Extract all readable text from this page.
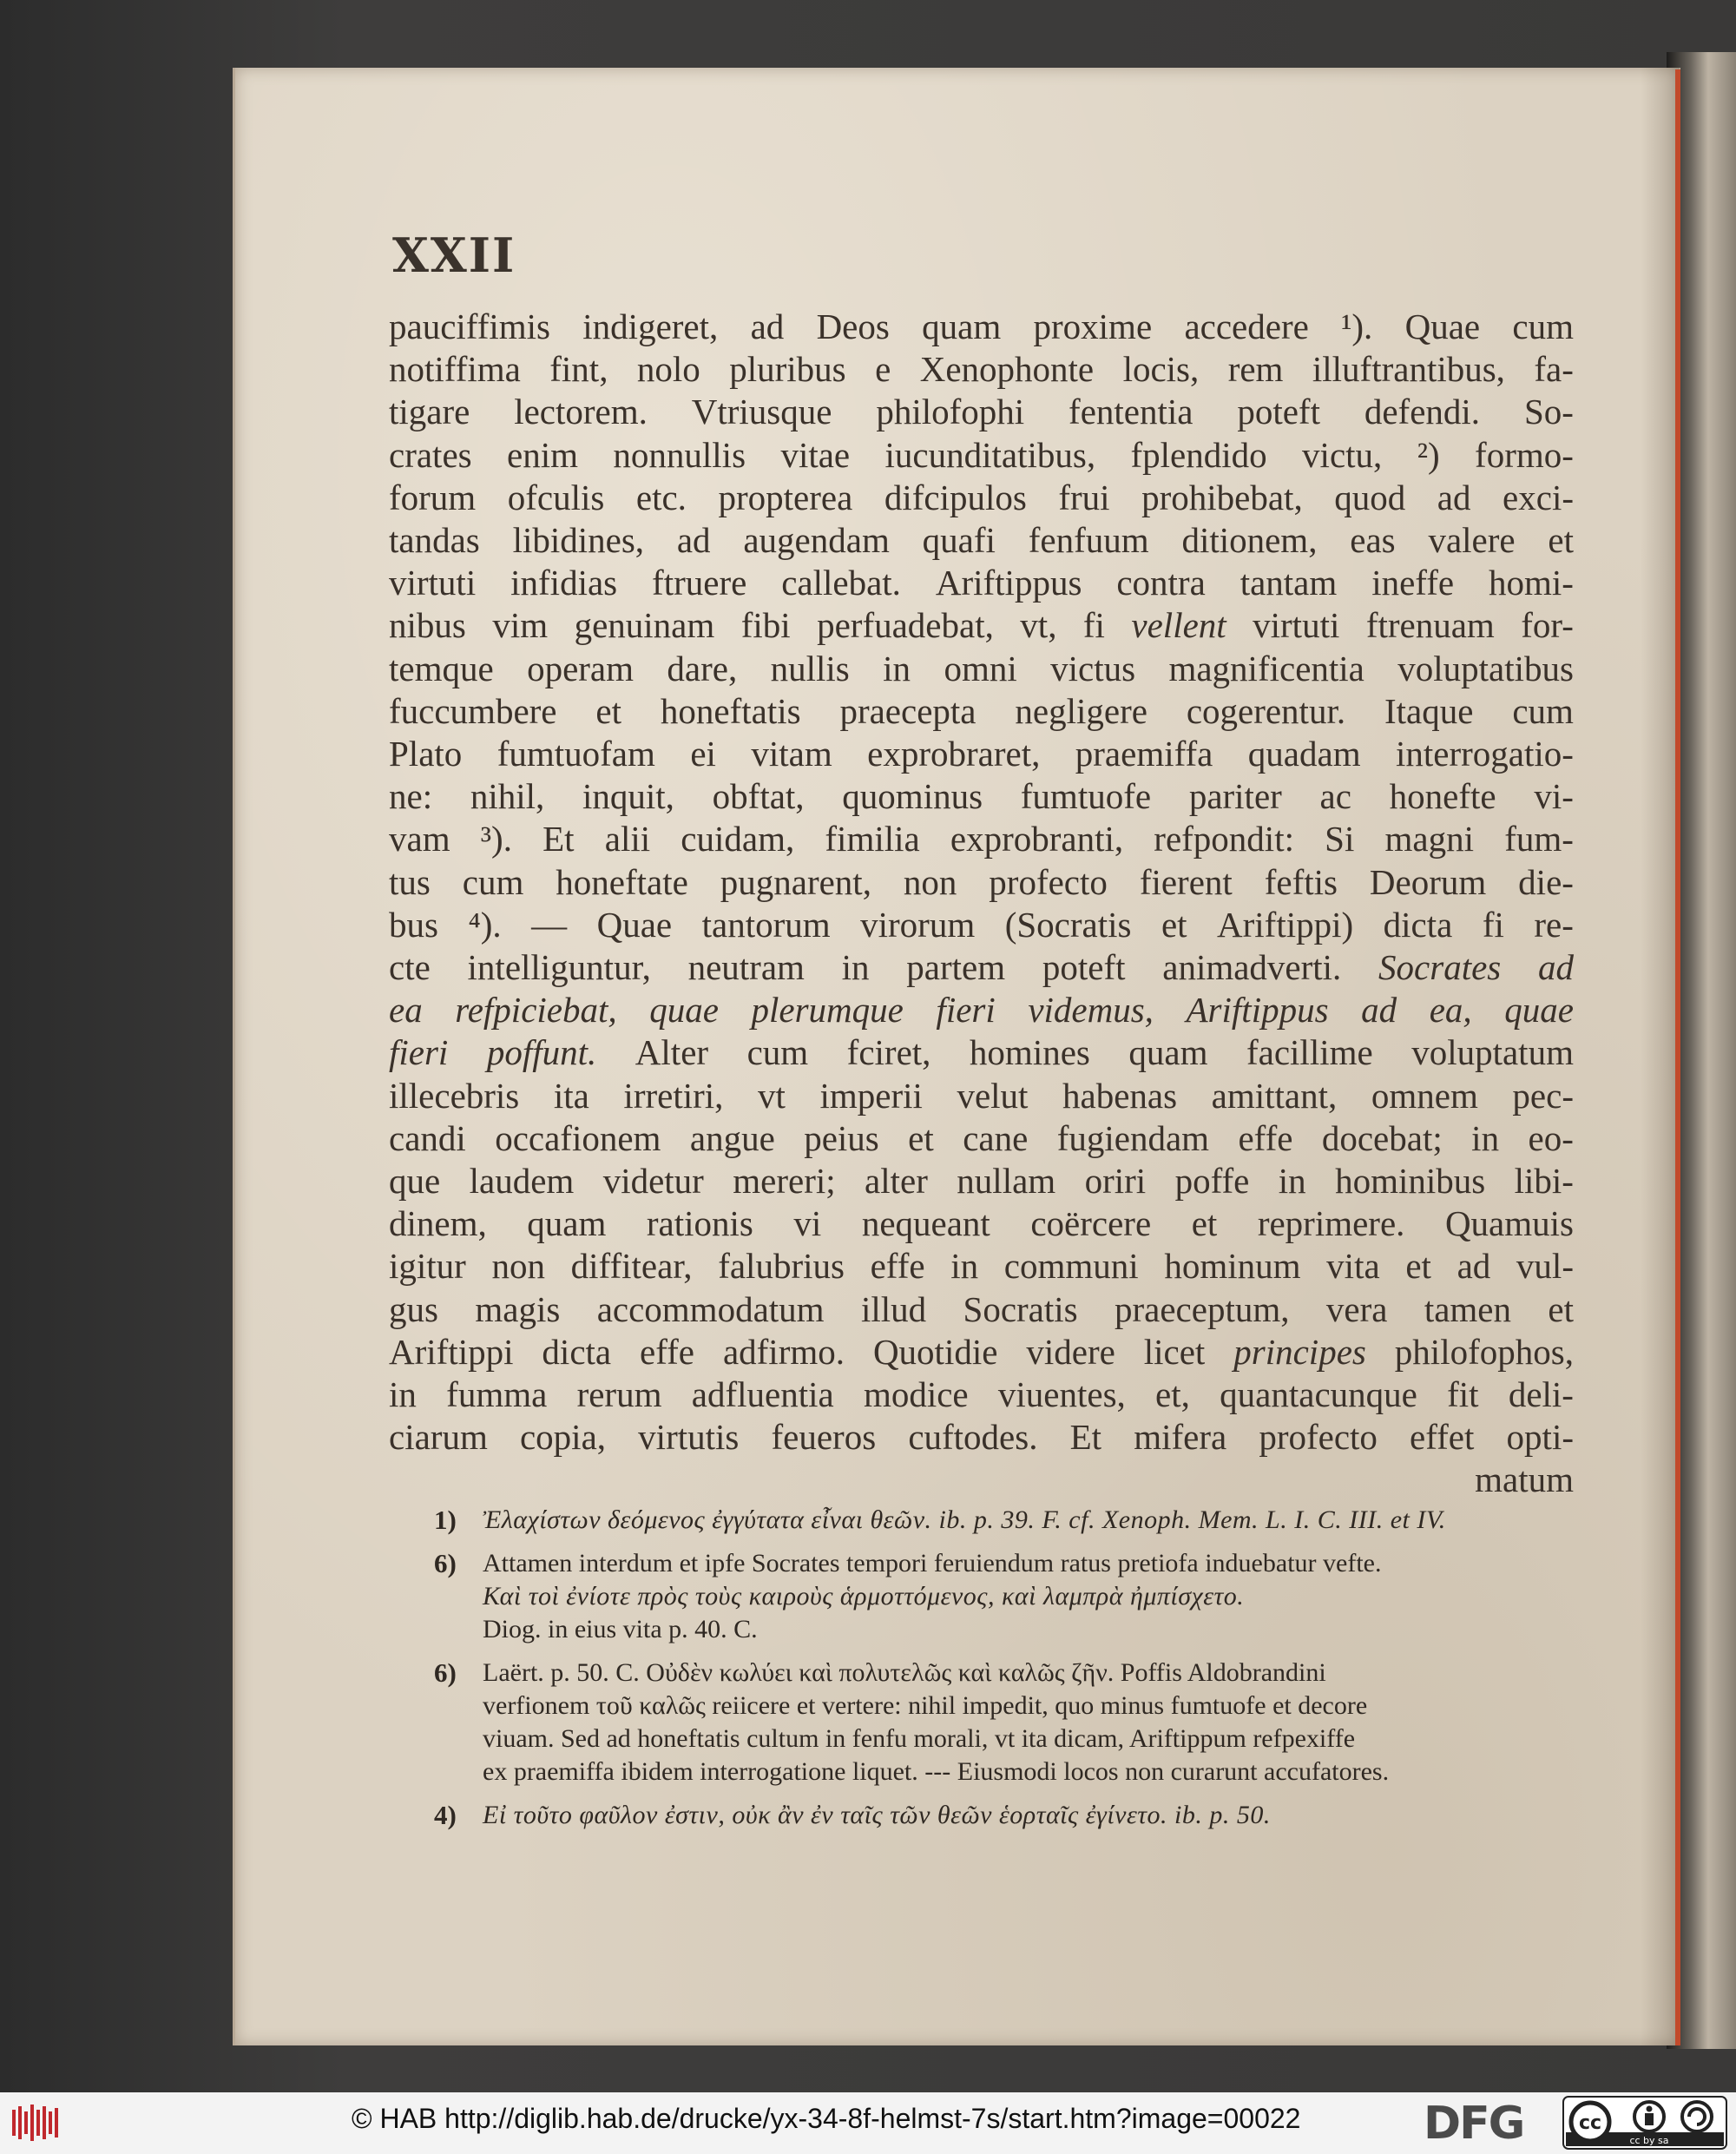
XXII
pauciffimis indigeret, ad Deos quam proxime accedere ¹). Quae cum
notiffima fint, nolo pluribus e Xenophonte locis, rem illuftrantibus, fa-
tigare lectorem. Vtriusque philofophi fententia poteft defendi. So-
crates enim nonnullis vitae iucunditatibus, fplendido victu, ²) formo-
forum ofculis etc. propterea difcipulos frui prohibebat, quod ad exci-
tandas libidines, ad augendam quafi fenfuum ditionem, eas valere et
virtuti infidias ftruere callebat. Ariftippus contra tantam ineffe homi-
nibus vim genuinam fibi perfuadebat, vt, fi vellent virtuti ftrenuam for-
temque operam dare, nullis in omni victus magnificentia voluptatibus
fuccumbere et honeftatis praecepta negligere cogerentur. Itaque cum
Plato fumtuofam ei vitam exprobraret, praemiffa quadam interrogatio-
ne: nihil, inquit, obftat, quominus fumtuofe pariter ac honefte vi-
vam ³). Et alii cuidam, fimilia exprobranti, refpondit: Si magni fum-
tus cum honeftate pugnarent, non profecto fierent feftis Deorum die-
bus ⁴). — Quae tantorum virorum (Socratis et Ariftippi) dicta fi re-
cte intelliguntur, neutram in partem poteft animadverti. Socrates ad
ea refpiciebat, quae plerumque fieri videmus, Ariftippus ad ea, quae
fieri poffunt. Alter cum fciret, homines quam facillime voluptatum
illecebris ita irretiri, vt imperii velut habenas amittant, omnem pec-
candi occafionem angue peius et cane fugiendam effe docebat; in eo-
que laudem videtur mereri; alter nullam oriri poffe in hominibus libi-
dinem, quam rationis vi nequeant coërcere et reprimere. Quamuis
igitur non diffitear, falubrius effe in communi hominum vita et ad vul-
gus magis accommodatum illud Socratis praeceptum, vera tamen et
Ariftippi dicta effe adfirmo. Quotidie videre licet principes philofophos,
in fumma rerum adfluentia modice viuentes, et, quantacunque fit deli-
ciarum copia, virtutis feueros cuftodes. Et mifera profecto effet opti-
matum
1)	Ἐλαχίστων δεόμενος ἐγγύτατα εἶναι θεῶν. ib. p. 39. F. cf. Xenoph. Mem. L. I. C. III. et IV.
6)	Attamen interdum et ipfe Socrates tempori feruiendum ratus pretiofa induebatur vefte.
Καὶ τοὶ ἐνίοτε πρὸς τοὺς καιροὺς ἁρμοττόμενος, καὶ λαμπρὰ ἠμπίσχετο.
Diog. in eius vita p. 40. C.
6)	Laërt. p. 50. C. Οὐδὲν κωλύει καὶ πολυτελῶς καὶ καλῶς ζῆν. Poffis Aldobrandini
verfionem τοῦ καλῶς reiicere et vertere: nihil impedit, quo minus fumtuofe et decore
viuam. Sed ad honeftatis cultum in fenfu morali, vt ita dicam, Ariftippum refpexiffe
ex praemiffa ibidem interrogatione liquet. --- Eiusmodi locos non curarunt accufatores.
4)	Εἰ τοῦτο φαῦλον ἐστιν, οὐκ ἂν ἐν ταῖς τῶν θεῶν ἑορταῖς ἐγίνετο. ib. p. 50.
© HAB http://diglib.hab.de/drucke/yx-34-8f-helmst-7s/start.htm?image=00022	DFG	cc
cc by sa
